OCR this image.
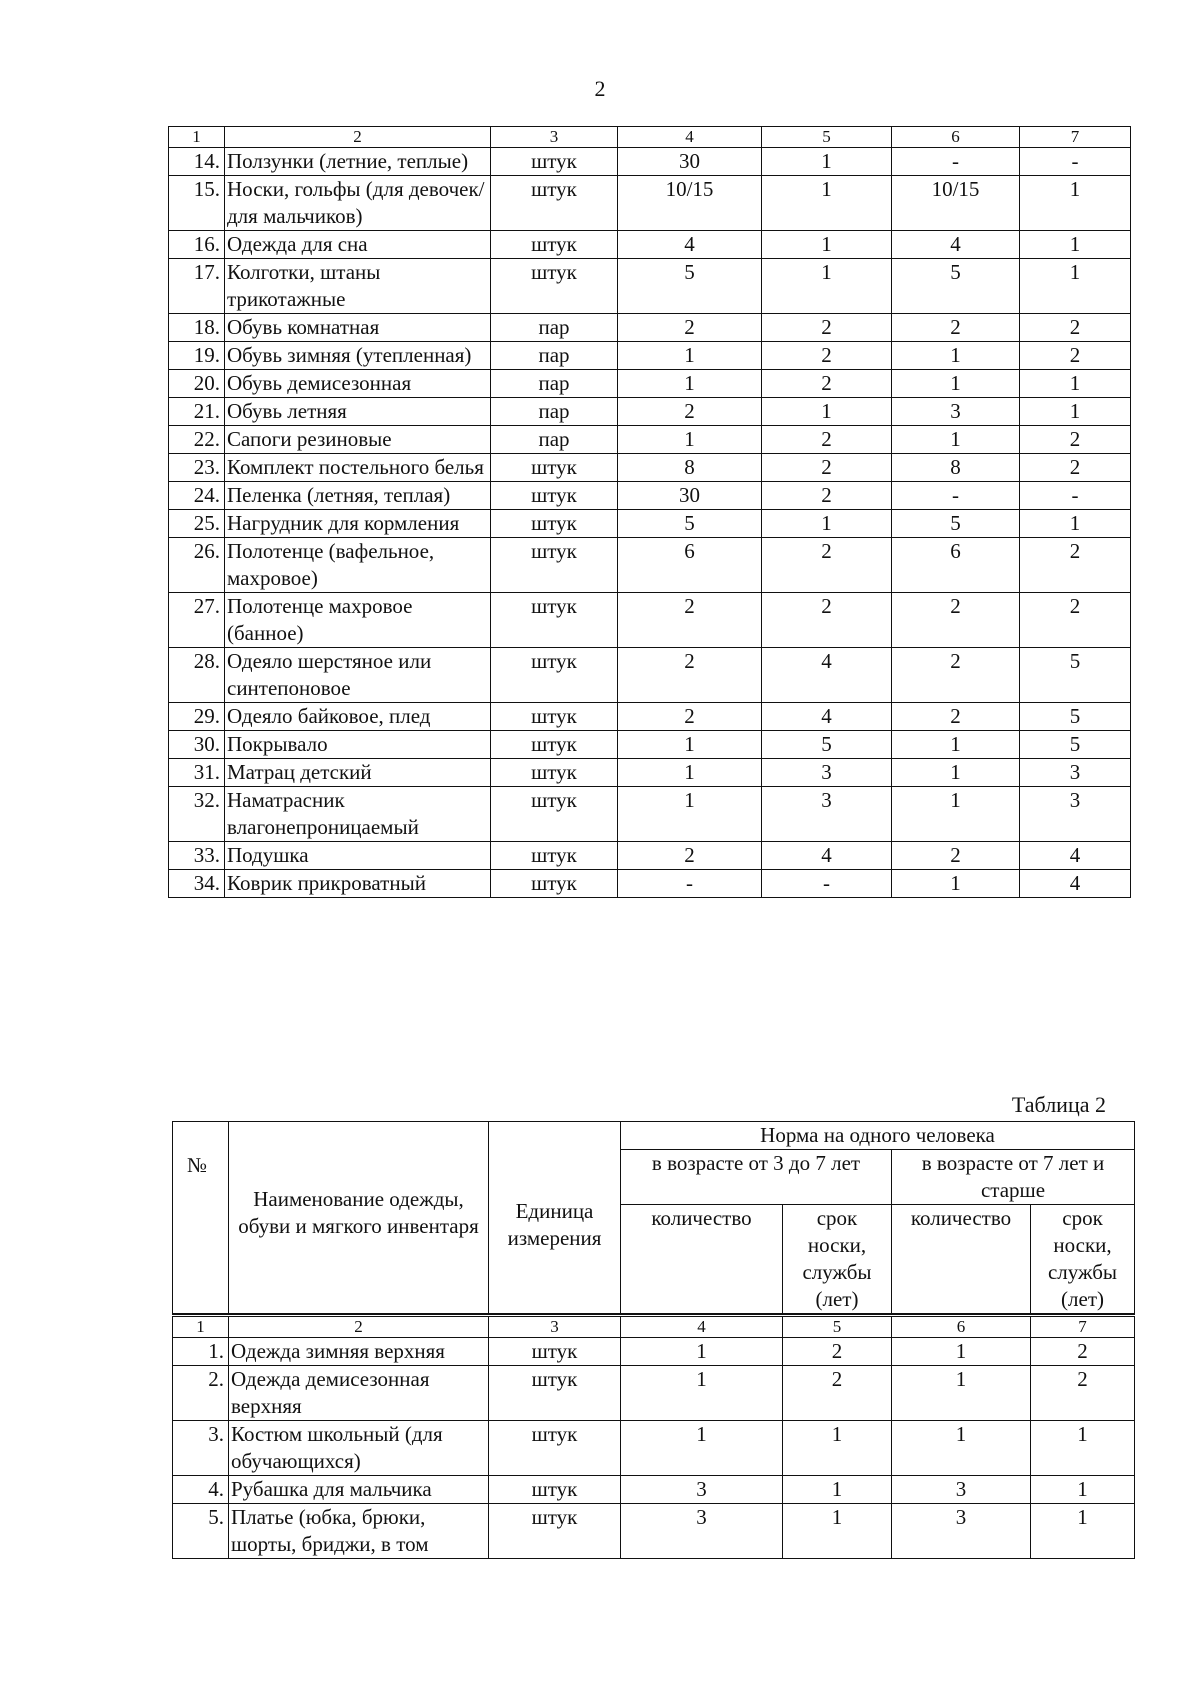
2
1	2	3	4	5	6	7
14.	Ползунки (летние, теплые)	штук	30	1	-	-
15.	Носки, гольфы (для девочек/для мальчиков)	штук	10/15	1	10/15	1
16.	Одежда для сна	штук	4	1	4	1
17.	Колготки, штаны трикотажные	штук	5	1	5	1
18.	Обувь комнатная	пар	2	2	2	2
19.	Обувь зимняя (утепленная)	пар	1	2	1	2
20.	Обувь демисезонная	пар	1	2	1	1
21.	Обувь летняя	пар	2	1	3	1
22.	Сапоги резиновые	пар	1	2	1	2
23.	Комплект постельного белья	штук	8	2	8	2
24.	Пеленка (летняя, теплая)	штук	30	2	-	-
25.	Нагрудник для кормления	штук	5	1	5	1
26.	Полотенце (вафельное, махровое)	штук	6	2	6	2
27.	Полотенце махровое (банное)	штук	2	2	2	2
28.	Одеяло шерстяное или синтепоновое	штук	2	4	2	5
29.	Одеяло байковое, плед	штук	2	4	2	5
30.	Покрывало	штук	1	5	1	5
31.	Матрац детский	штук	1	3	1	3
32.	Наматрасник влагонепроницаемый	штук	1	3	1	3
33.	Подушка	штук	2	4	2	4
34.	Коврик прикроватный	штук	-	-	1	4
Таблица 2
№	Наименование одежды, обуви и мягкого инвентаря	Единица измерения	Норма на одного человека			
			в возрасте от 3 до 7 лет		в возрасте от 7 лет и старше	
			количество	срок носки, службы (лет)	количество	срок носки, службы (лет)

1	2	3	4	5	6	7
1.	Одежда зимняя верхняя	штук	1	2	1	2
2.	Одежда демисезонная верхняя	штук	1	2	1	2
3.	Костюм школьный (для обучающихся)	штук	1	1	1	1
4.	Рубашка для мальчика	штук	3	1	3	1
5.	Платье (юбка, брюки, шорты, бриджи, в том	штук	3	1	3	1
